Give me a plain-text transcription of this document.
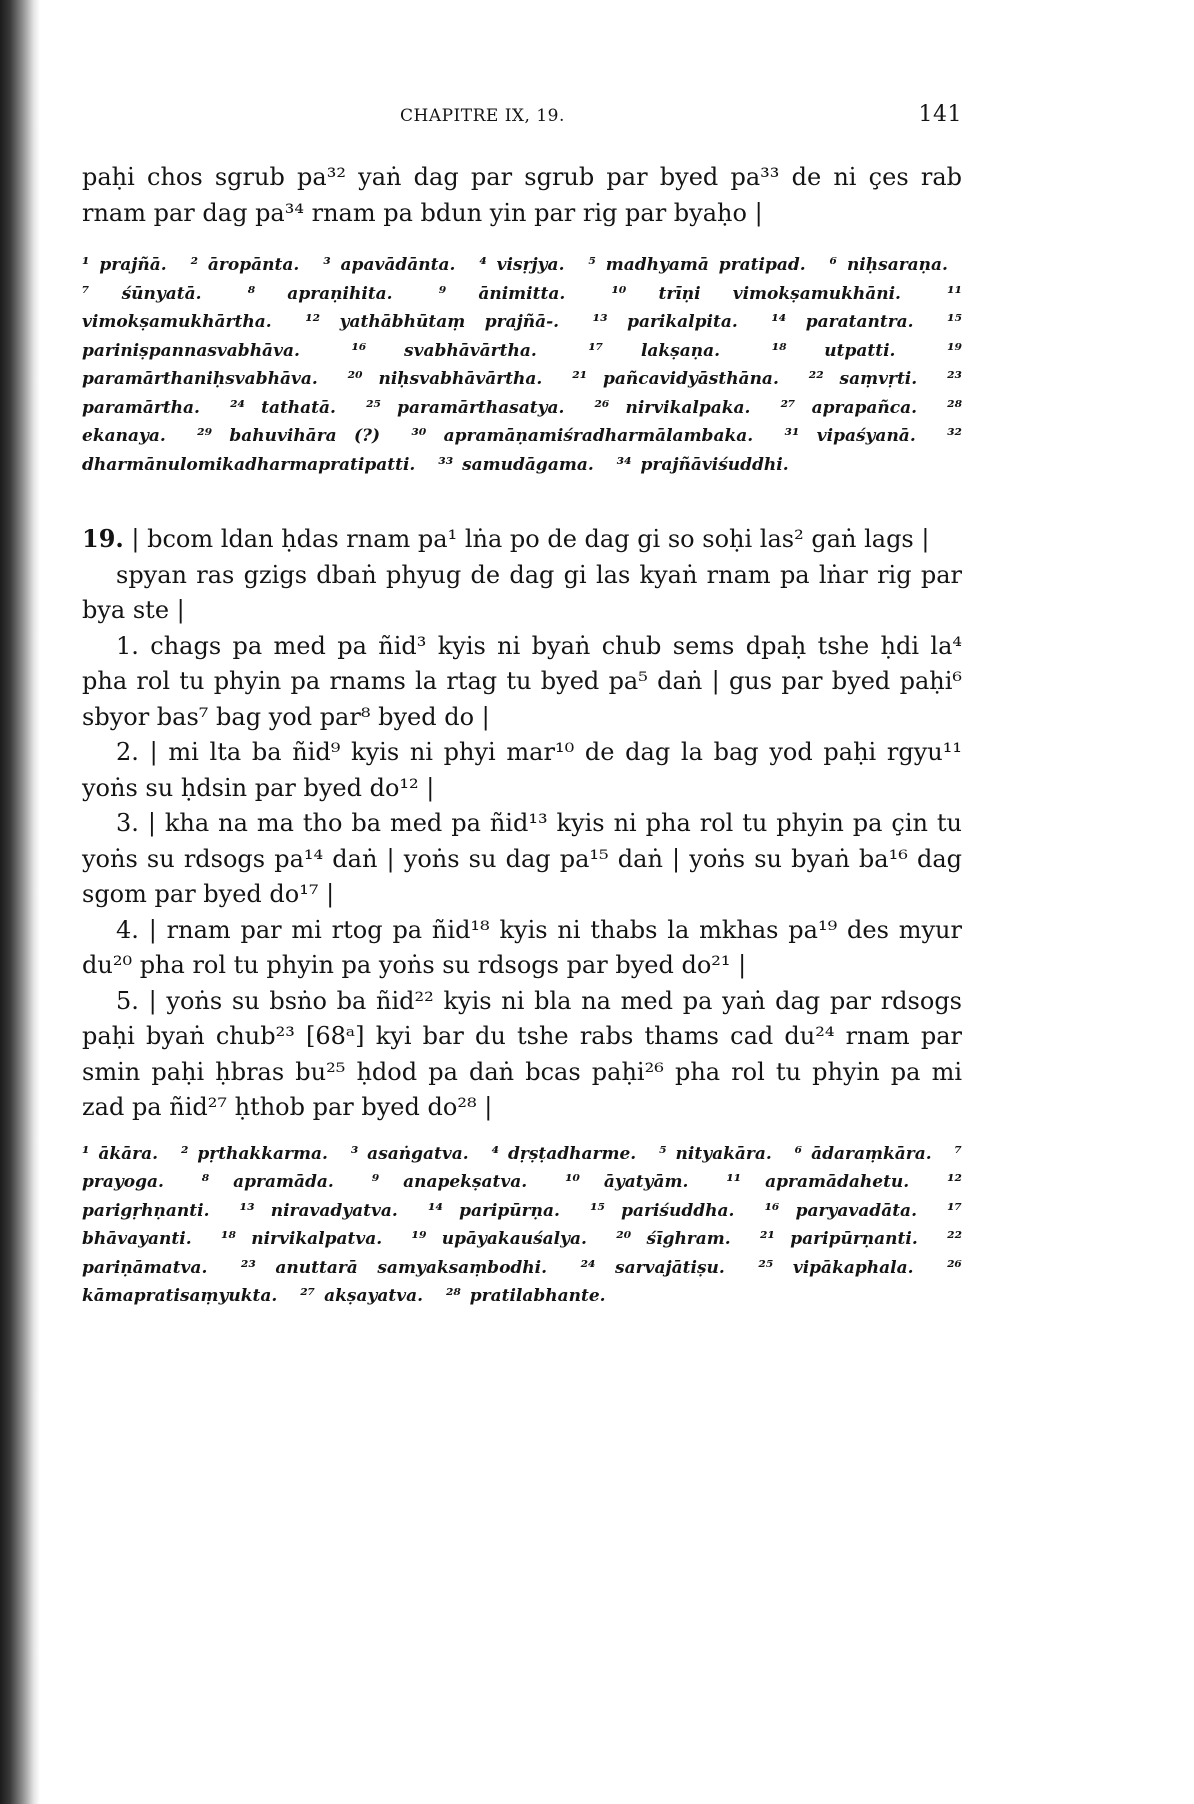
CHAPITRE IX, 19.	141

paḥi chos sgrub pa³² yaṅ dag par sgrub par byed pa³³ de ni çes rab rnam par dag pa³⁴ rnam pa bdun yin par rig par byaḥo |

¹ prajñā. ² āropānta. ³ apavādānta. ⁴ visṛjya. ⁵ madhyamā pratipad. ⁶ niḥsaraṇa. ⁷ śūnyatā.	⁸ apraṇihita.	⁹ ānimitta.	¹⁰ trīṇi vimokṣamukhāni.	¹¹ vimokṣamukhārtha. ¹² yathābhūtaṃ prajñā-. ¹³ parikalpita. ¹⁴ paratantra. ¹⁵ pariniṣpannasvabhāva.	¹⁶ svabhāvārtha.	¹⁷ lakṣaṇa.	¹⁸ utpatti.	¹⁹ paramārthaniḥsvabhāva. ²⁰ niḥsvabhāvārtha. ²¹ pañcavidyāsthāna. ²² saṃvṛti. ²³ paramārtha. ²⁴ tathatā. ²⁵ paramārthasatya. ²⁶ nirvikalpaka. ²⁷ aprapañca. ²⁸ ekanaya. ²⁹ bahuvihāra (?) ³⁰ apramāṇamiśradharmālambaka. ³¹ vipaśyanā. ³² dharmānulomikadharmapratipatti. ³³ samudāgama. ³⁴ prajñāviśuddhi.

19. | bcom ldan ḥdas rnam pa¹ lṅa po de dag gi so soḥi las² gaṅ lags |

spyan ras gzigs dbaṅ phyug de dag gi las kyaṅ rnam pa lṅar rig par bya ste |

1. chags pa med pa ñid³ kyis ni byaṅ chub sems dpaḥ tshe ḥdi la⁴ pha rol tu phyin pa rnams la rtag tu byed pa⁵ daṅ | gus par byed paḥi⁶ sbyor bas⁷ bag yod par⁸ byed do |

2. | mi lta ba ñid⁹ kyis ni phyi mar¹⁰ de dag la bag yod paḥi rgyu¹¹ yoṅs su ḥdsin par byed do¹² |

3. | kha na ma tho ba med pa ñid¹³ kyis ni pha rol tu phyin pa çin tu yoṅs su rdsogs pa¹⁴ daṅ | yoṅs su dag pa¹⁵ daṅ | yoṅs su byaṅ ba¹⁶ dag sgom par byed do¹⁷ |

4. | rnam par mi rtog pa ñid¹⁸ kyis ni thabs la mkhas pa¹⁹ des myur du²⁰ pha rol tu phyin pa yoṅs su rdsogs par byed do²¹ |

5. | yoṅs su bsṅo ba ñid²² kyis ni bla na med pa yaṅ dag par rdsogs paḥi byaṅ chub²³ [68ᵃ] kyi bar du tshe rabs thams cad du²⁴ rnam par smin paḥi ḥbras bu²⁵ ḥdod pa daṅ bcas paḥi²⁶ pha rol tu phyin pa mi zad pa ñid²⁷ ḥthob par byed do²⁸ |

¹ ākāra. ² pṛthakkarma. ³ asaṅgatva. ⁴ dṛṣṭadharme. ⁵ nityakāra. ⁶ ādaraṃkāra. ⁷ prayoga. ⁸ apramāda. ⁹ anapekṣatva. ¹⁰ āyatyām. ¹¹ apramādahetu. ¹² parigṛhṇanti. ¹³ niravadyatva. ¹⁴ paripūrṇa. ¹⁵ pariśuddha. ¹⁶ paryavadāta. ¹⁷ bhāvayanti. ¹⁸ nirvikalpatva. ¹⁹ upāyakauśalya. ²⁰ śīghram. ²¹ paripūrṇanti. ²² pariṇāmatva. ²³ anuttarā samyaksaṃbodhi. ²⁴ sarvajātiṣu. ²⁵ vipākaphala. ²⁶ kāmapratisaṃyukta. ²⁷ akṣayatva. ²⁸ pratilabhante.
